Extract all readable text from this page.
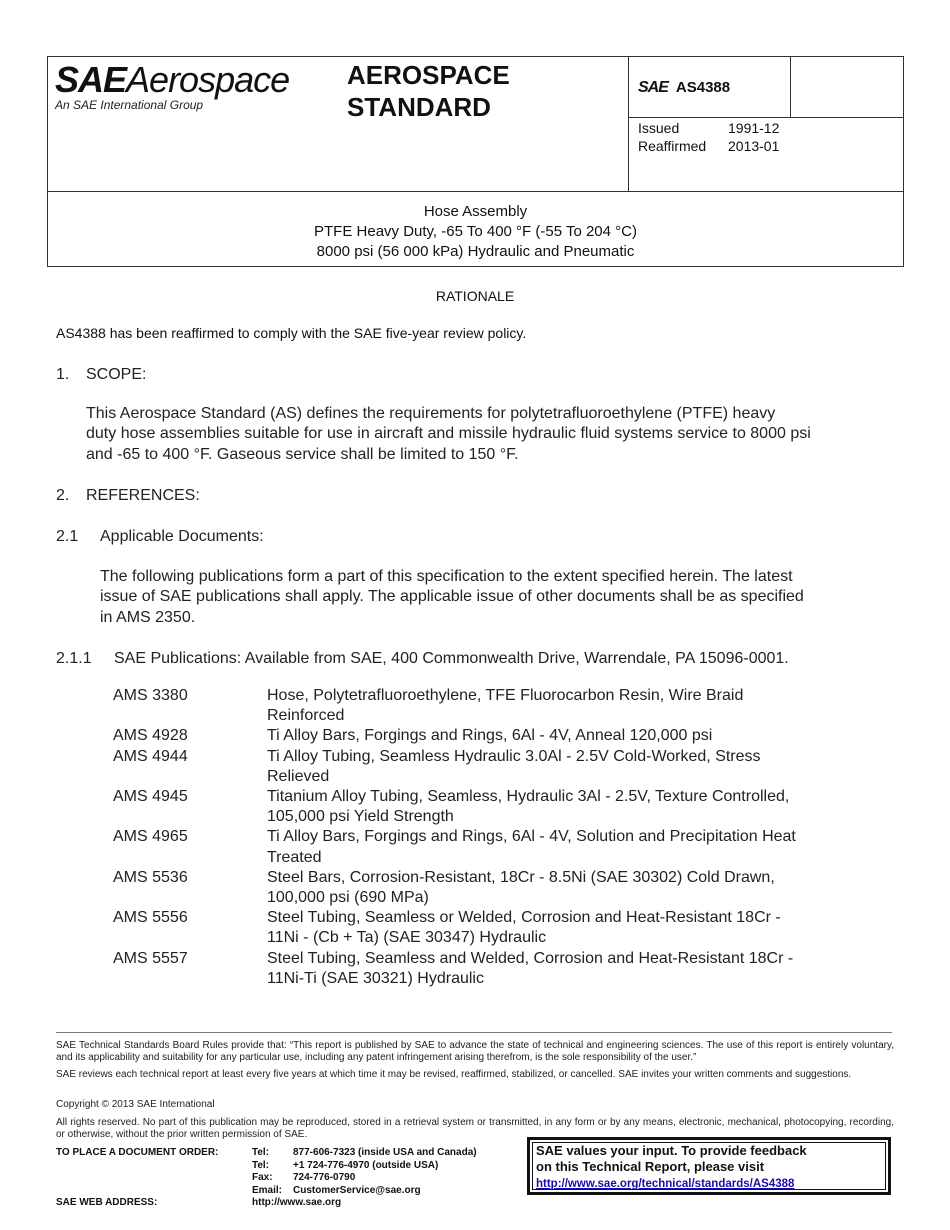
SAEAerospace
An SAE International Group
AEROSPACE
STANDARD
SAE AS4388
Issued	1991-12
Reaffirmed 2013-01
Hose Assembly
PTFE Heavy Duty, -65 To 400 °F (-55 To 204 °C)
8000 psi (56 000 kPa) Hydraulic and Pneumatic
RATIONALE
AS4388 has been reaffirmed to comply with the SAE five-year review policy.
1. SCOPE:
This Aerospace Standard (AS) defines the requirements for polytetrafluoroethylene (PTFE) heavy
duty hose assemblies suitable for use in aircraft and missile hydraulic fluid systems service to 8000 psi
and -65 to 400 °F. Gaseous service shall be limited to 150 °F.
2. REFERENCES:
2.1 Applicable Documents:
The following publications form a part of this specification to the extent specified herein. The latest
issue of SAE publications shall apply. The applicable issue of other documents shall be as specified
in AMS 2350.
2.1.1 SAE Publications: Available from SAE, 400 Commonwealth Drive, Warrendale, PA 15096-0001.
AMS 3380	Hose, Polytetrafluoroethylene, TFE Fluorocarbon Resin, Wire Braid
Reinforced
AMS 4928	Ti Alloy Bars, Forgings and Rings, 6Al - 4V, Anneal 120,000 psi
AMS 4944	Ti Alloy Tubing, Seamless Hydraulic 3.0Al - 2.5V Cold-Worked, Stress
Relieved
AMS 4945	Titanium Alloy Tubing, Seamless, Hydraulic 3Al - 2.5V, Texture Controlled,
105,000 psi Yield Strength
AMS 4965	Ti Alloy Bars, Forgings and Rings, 6Al - 4V, Solution and Precipitation Heat
Treated
AMS 5536	Steel Bars, Corrosion-Resistant, 18Cr - 8.5Ni (SAE 30302) Cold Drawn,
100,000 psi (690 MPa)
AMS 5556	Steel Tubing, Seamless or Welded, Corrosion and Heat-Resistant 18Cr -
11Ni - (Cb + Ta) (SAE 30347) Hydraulic
AMS 5557	Steel Tubing, Seamless and Welded, Corrosion and Heat-Resistant 18Cr -
11Ni-Ti (SAE 30321) Hydraulic
SAE Technical Standards Board Rules provide that: “This report is published by SAE to advance the state of technical and engineering sciences. The use of this report is entirely voluntary, and its applicability and suitability for any particular use, including any patent infringement arising therefrom, is the sole responsibility of the user.”
SAE reviews each technical report at least every five years at which time it may be revised, reaffirmed, stabilized, or cancelled. SAE invites your written comments and suggestions.
Copyright © 2013 SAE International
All rights reserved. No part of this publication may be reproduced, stored in a retrieval system or transmitted, in any form or by any means, electronic, mechanical, photocopying, recording, or otherwise, without the prior written permission of SAE.
TO PLACE A DOCUMENT ORDER:	Tel: 877-606-7323 (inside USA and Canada)
Tel: +1 724-776-4970 (outside USA)
Fax: 724-776-0790
Email: CustomerService@sae.org
SAE WEB ADDRESS:	http://www.sae.org
SAE values your input. To provide feedback
on this Technical Report, please visit
http://www.sae.org/technical/standards/AS4388
